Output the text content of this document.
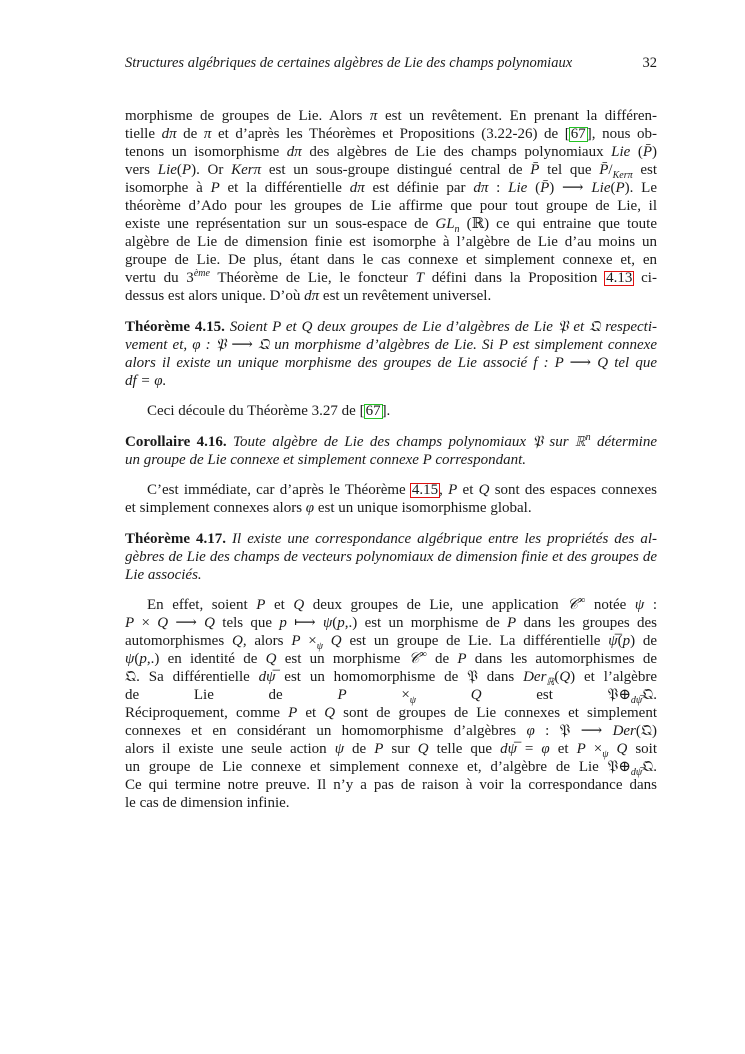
Structures algébriques de certaines algèbres de Lie des champs polynomiaux	32
morphisme de groupes de Lie. Alors π est un revêtement. En prenant la différen-
tielle dπ de π et d’après les Théorèmes et Propositions (3.22-26) de [67], nous ob-
tenons un isomorphisme dπ des algèbres de Lie des champs polynomiaux Lie (P̄)
vers Lie(P). Or Kerπ est un sous-groupe distingué central de P̄ tel que $P̄/_{Ker\pi}$ est
isomorphe à P et la différentielle dπ est définie par dπ : Lie (P̄) ⟶ Lie(P). Le
théorème d’Ado pour les groupes de Lie affirme que pour tout groupe de Lie, il
existe une représentation sur un sous-espace de $GL_n$ (ℝ) ce qui entraine que toute
algèbre de Lie de dimension finie est isomorphe à l’algèbre de Lie d’au moins un
groupe de Lie. De plus, étant dans le cas connexe et simplement connexe et, en
vertu du 3ème Théorème de Lie, le foncteur T défini dans la Proposition 4.13 ci-
dessus est alors unique. D’où dπ est un revêtement universel.
Théorème 4.15. Soient P et Q deux groupes de Lie d’algèbres de Lie 𝔓 et 𝔔 respecti-
vement et, φ : 𝔓 ⟶ 𝔔 un morphisme d’algèbres de Lie. Si P est simplement connexe
alors il existe un unique morphisme des groupes de Lie associé f : P ⟶ Q tel que
df = φ.
Ceci découle du Théorème 3.27 de [67].
Corollaire 4.16. Toute algèbre de Lie des champs polynomiaux 𝔓 sur ℝ$^n$ détermine
un groupe de Lie connexe et simplement connexe P correspondant.
C’est immédiate, car d’après le Théorème 4.15, P et Q sont des espaces connexes
et simplement connexes alors φ est un unique isomorphisme global.
Théorème 4.17. Il existe une correspondance algébrique entre les propriétés des al-
gèbres de Lie des champs de vecteurs polynomiaux de dimension finie et des groupes de
Lie associés.
En effet, soient P et Q deux groupes de Lie, une application 𝒞∞ notée ψ :
P × Q ⟶ Q tels que p ⟼ ψ(p,.) est un morphisme de P dans les groupes des
automorphismes Q, alors $P \times_\psi$ Q est un groupe de Lie. La différentielle ψ̅(p) de
ψ(p,.) en identité de Q est un morphisme 𝒞∞ de P dans les automorphismes de
𝔔. Sa différentielle dψ̅ est un homomorphisme de 𝔓 dans Der$_ℝ$(Q) et l’algèbre
de Lie de $P \times_\psi$	Q est $𝔓\oplus_{d\psi̅}𝔔$.
Réciproquement, comme P et Q sont de groupes de Lie connexes et simplement
connexes et en considérant un homomorphisme d’algèbres φ : 𝔓 ⟶ Der(𝔔)
alors il existe une seule action ψ de P sur Q telle que dψ̅ = φ et $P \times_\psi$ Q soit
un groupe de Lie connexe et simplement connexe et, d’algèbre de Lie $𝔓\oplus_{d\psi̅}𝔔$.
Ce qui termine notre preuve. Il n’y a pas de raison à voir la correspondance dans
le cas de dimension infinie.
